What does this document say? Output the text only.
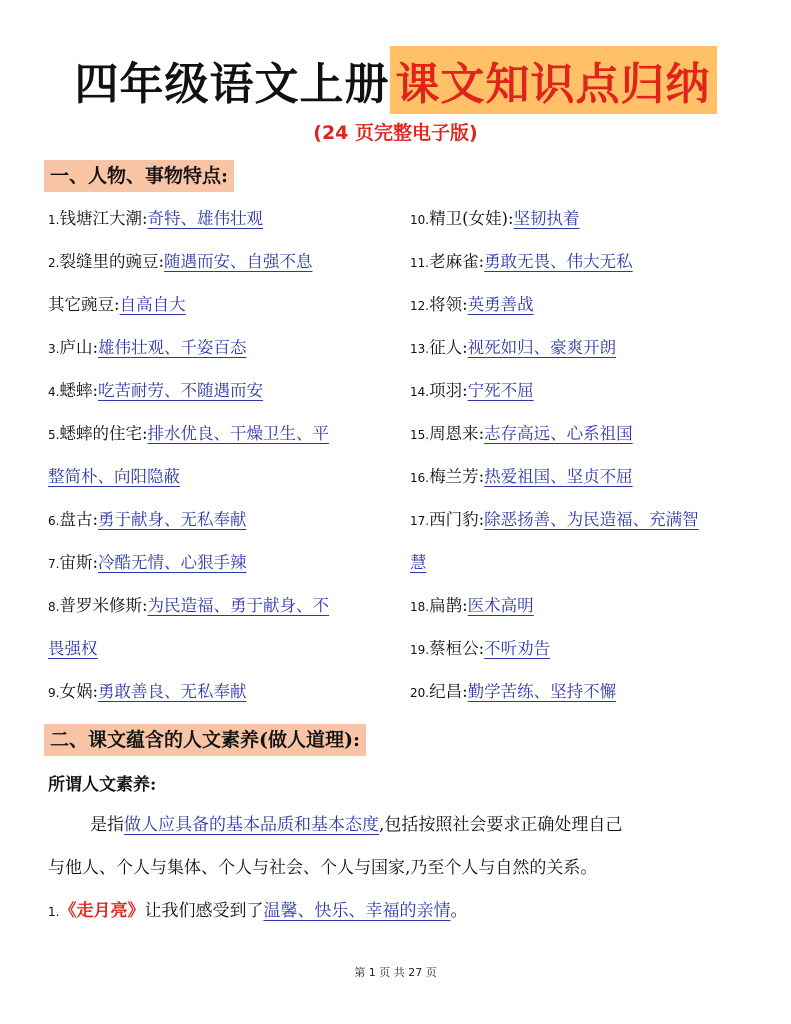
四年级语文上册 课文知识点归纳
(24 页完整电子版)
一、人物、事物特点:
1.钱塘江大潮:奇特、雄伟壮观
2.裂缝里的豌豆:随遇而安、自强不息
其它豌豆:自高自大
3.庐山:雄伟壮观、千姿百态
4.蟋蟀:吃苦耐劳、不随遇而安
5.蟋蟀的住宅:排水优良、干燥卫生、平
整简朴、向阳隐蔽
6.盘古:勇于献身、无私奉献
7.宙斯:冷酷无情、心狠手辣
8.普罗米修斯:为民造福、勇于献身、不
畏强权
9.女娲:勇敢善良、无私奉献
10.精卫(女娃):坚韧执着
11.老麻雀:勇敢无畏、伟大无私
12.将领:英勇善战
13.征人:视死如归、豪爽开朗
14.项羽:宁死不屈
15.周恩来:志存高远、心系祖国
16.梅兰芳:热爱祖国、坚贞不屈
17.西门豹:除恶扬善、为民造福、充满智
慧
18.扁鹊:医术高明
19.蔡桓公:不听劝告
20.纪昌:勤学苦练、坚持不懈
二、课文蕴含的人文素养(做人道理):
所谓人文素养:
是指做人应具备的基本品质和基本态度,包括按照社会要求正确处理自己
与他人、个人与集体、个人与社会、个人与国家,乃至个人与自然的关系。
1.《走月亮》让我们感受到了温馨、快乐、幸福的亲情。
第 1 页 共 27 页
